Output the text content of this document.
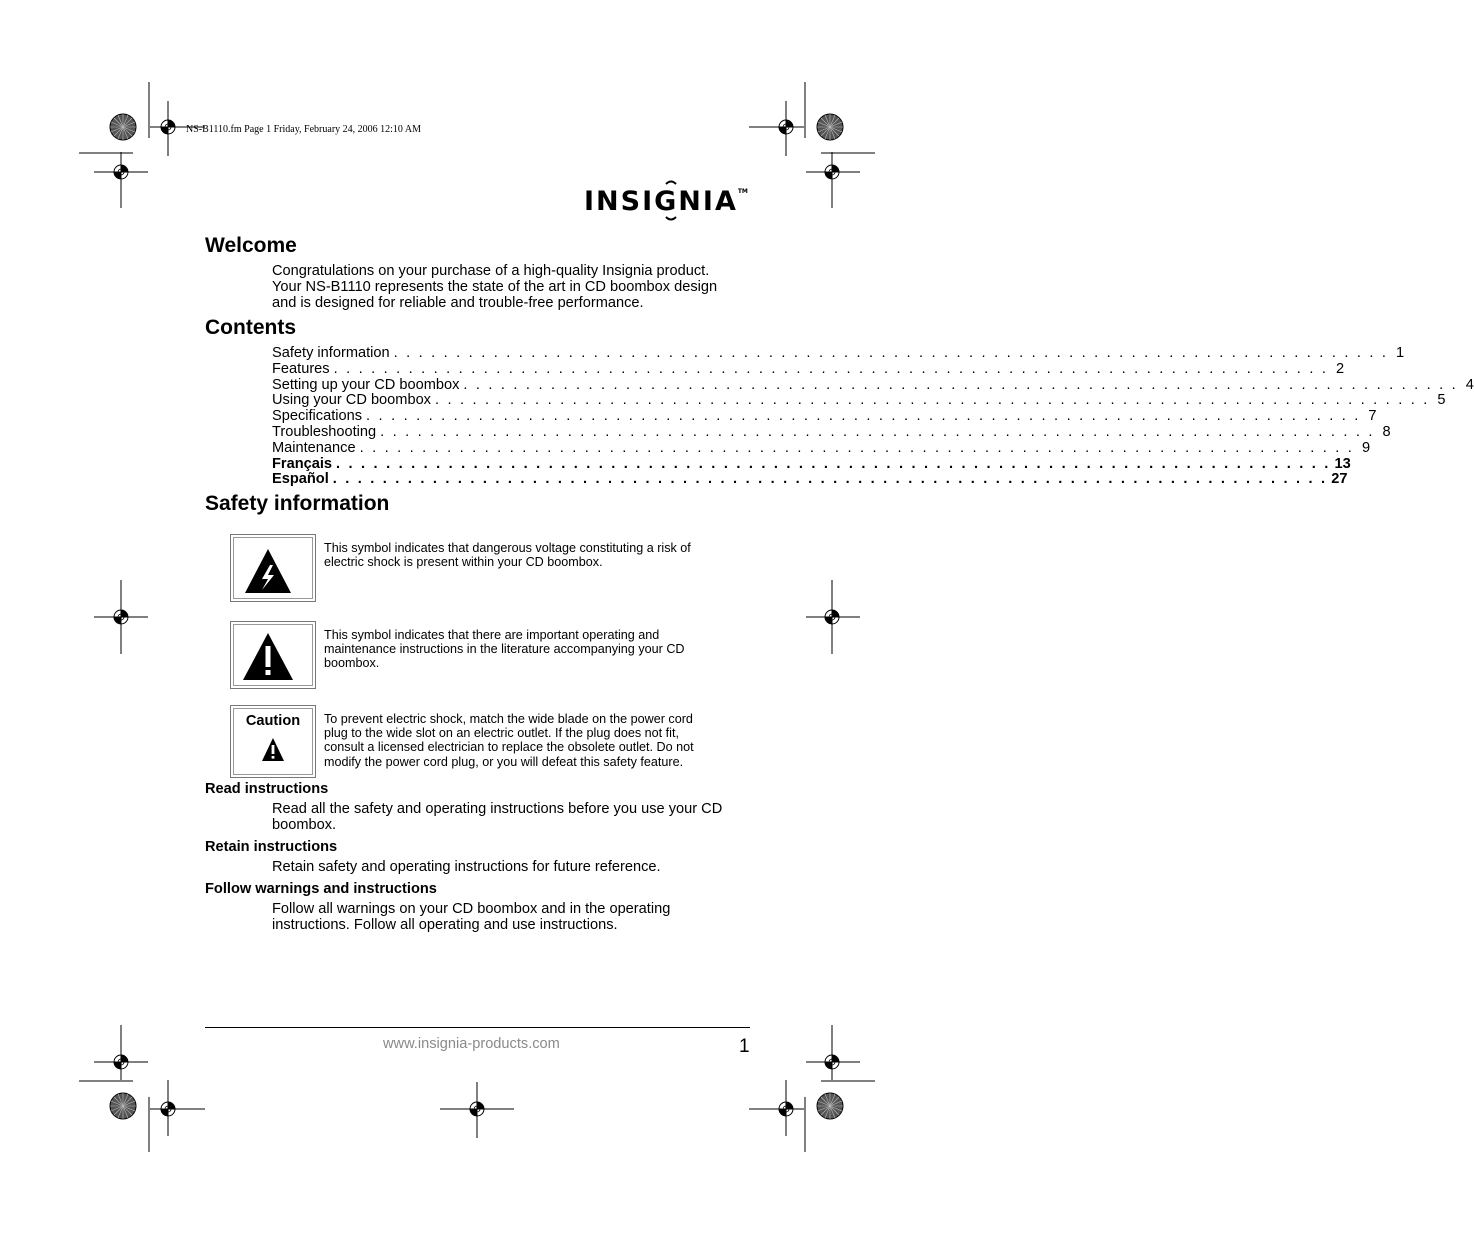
NS-B1110.fm Page 1 Friday, February 24, 2006 12:10 AM
INSIGNIA™
Welcome
Congratulations on your purchase of a high-quality Insignia product.
Your NS-B1110 represents the state of the art in CD boombox design
and is designed for reliable and trouble-free performance.
Contents
Safety information . . . . . . . . . . . . . . . . . . . . . . . . . . . . . . . . . . . . . . . . . . . . . . . . . . . . . . . . . . . . . . . . . . . . . . . . . . . . . . . . 1
Features . . . . . . . . . . . . . . . . . . . . . . . . . . . . . . . . . . . . . . . . . . . . . . . . . . . . . . . . . . . . . . . . . . . . . . . . . . . . . . . . 2
Setting up your CD boombox . . . . . . . . . . . . . . . . . . . . . . . . . . . . . . . . . . . . . . . . . . . . . . . . . . . . . . . . . . . . . . . . . . . . . . . . . . . . . . . . 4
Using your CD boombox . . . . . . . . . . . . . . . . . . . . . . . . . . . . . . . . . . . . . . . . . . . . . . . . . . . . . . . . . . . . . . . . . . . . . . . . . . . . . . . . 5
Specifications . . . . . . . . . . . . . . . . . . . . . . . . . . . . . . . . . . . . . . . . . . . . . . . . . . . . . . . . . . . . . . . . . . . . . . . . . . . . . . . . 7
Troubleshooting . . . . . . . . . . . . . . . . . . . . . . . . . . . . . . . . . . . . . . . . . . . . . . . . . . . . . . . . . . . . . . . . . . . . . . . . . . . . . . . . 8
Maintenance . . . . . . . . . . . . . . . . . . . . . . . . . . . . . . . . . . . . . . . . . . . . . . . . . . . . . . . . . . . . . . . . . . . . . . . . . . . . . . . . 9
Français . . . . . . . . . . . . . . . . . . . . . . . . . . . . . . . . . . . . . . . . . . . . . . . . . . . . . . . . . . . . . . . . . . . . . . . . . . . . . . . . 13
Español . . . . . . . . . . . . . . . . . . . . . . . . . . . . . . . . . . . . . . . . . . . . . . . . . . . . . . . . . . . . . . . . . . . . . . . . . . . . . . . . 27
Safety information
This symbol indicates that dangerous voltage constituting a risk of
electric shock is present within your CD boombox.
This symbol indicates that there are important operating and
maintenance instructions in the literature accompanying your CD
boombox.
Caution	To prevent electric shock, match the wide blade on the power cord
plug to the wide slot on an electric outlet. If the plug does not fit,
consult a licensed electrician to replace the obsolete outlet. Do not
modify the power cord plug, or you will defeat this safety feature.
Read instructions
Read all the safety and operating instructions before you use your CD
boombox.
Retain instructions
Retain safety and operating instructions for future reference.
Follow warnings and instructions
Follow all warnings on your CD boombox and in the operating
instructions. Follow all operating and use instructions.
www.insignia-products.com	1
